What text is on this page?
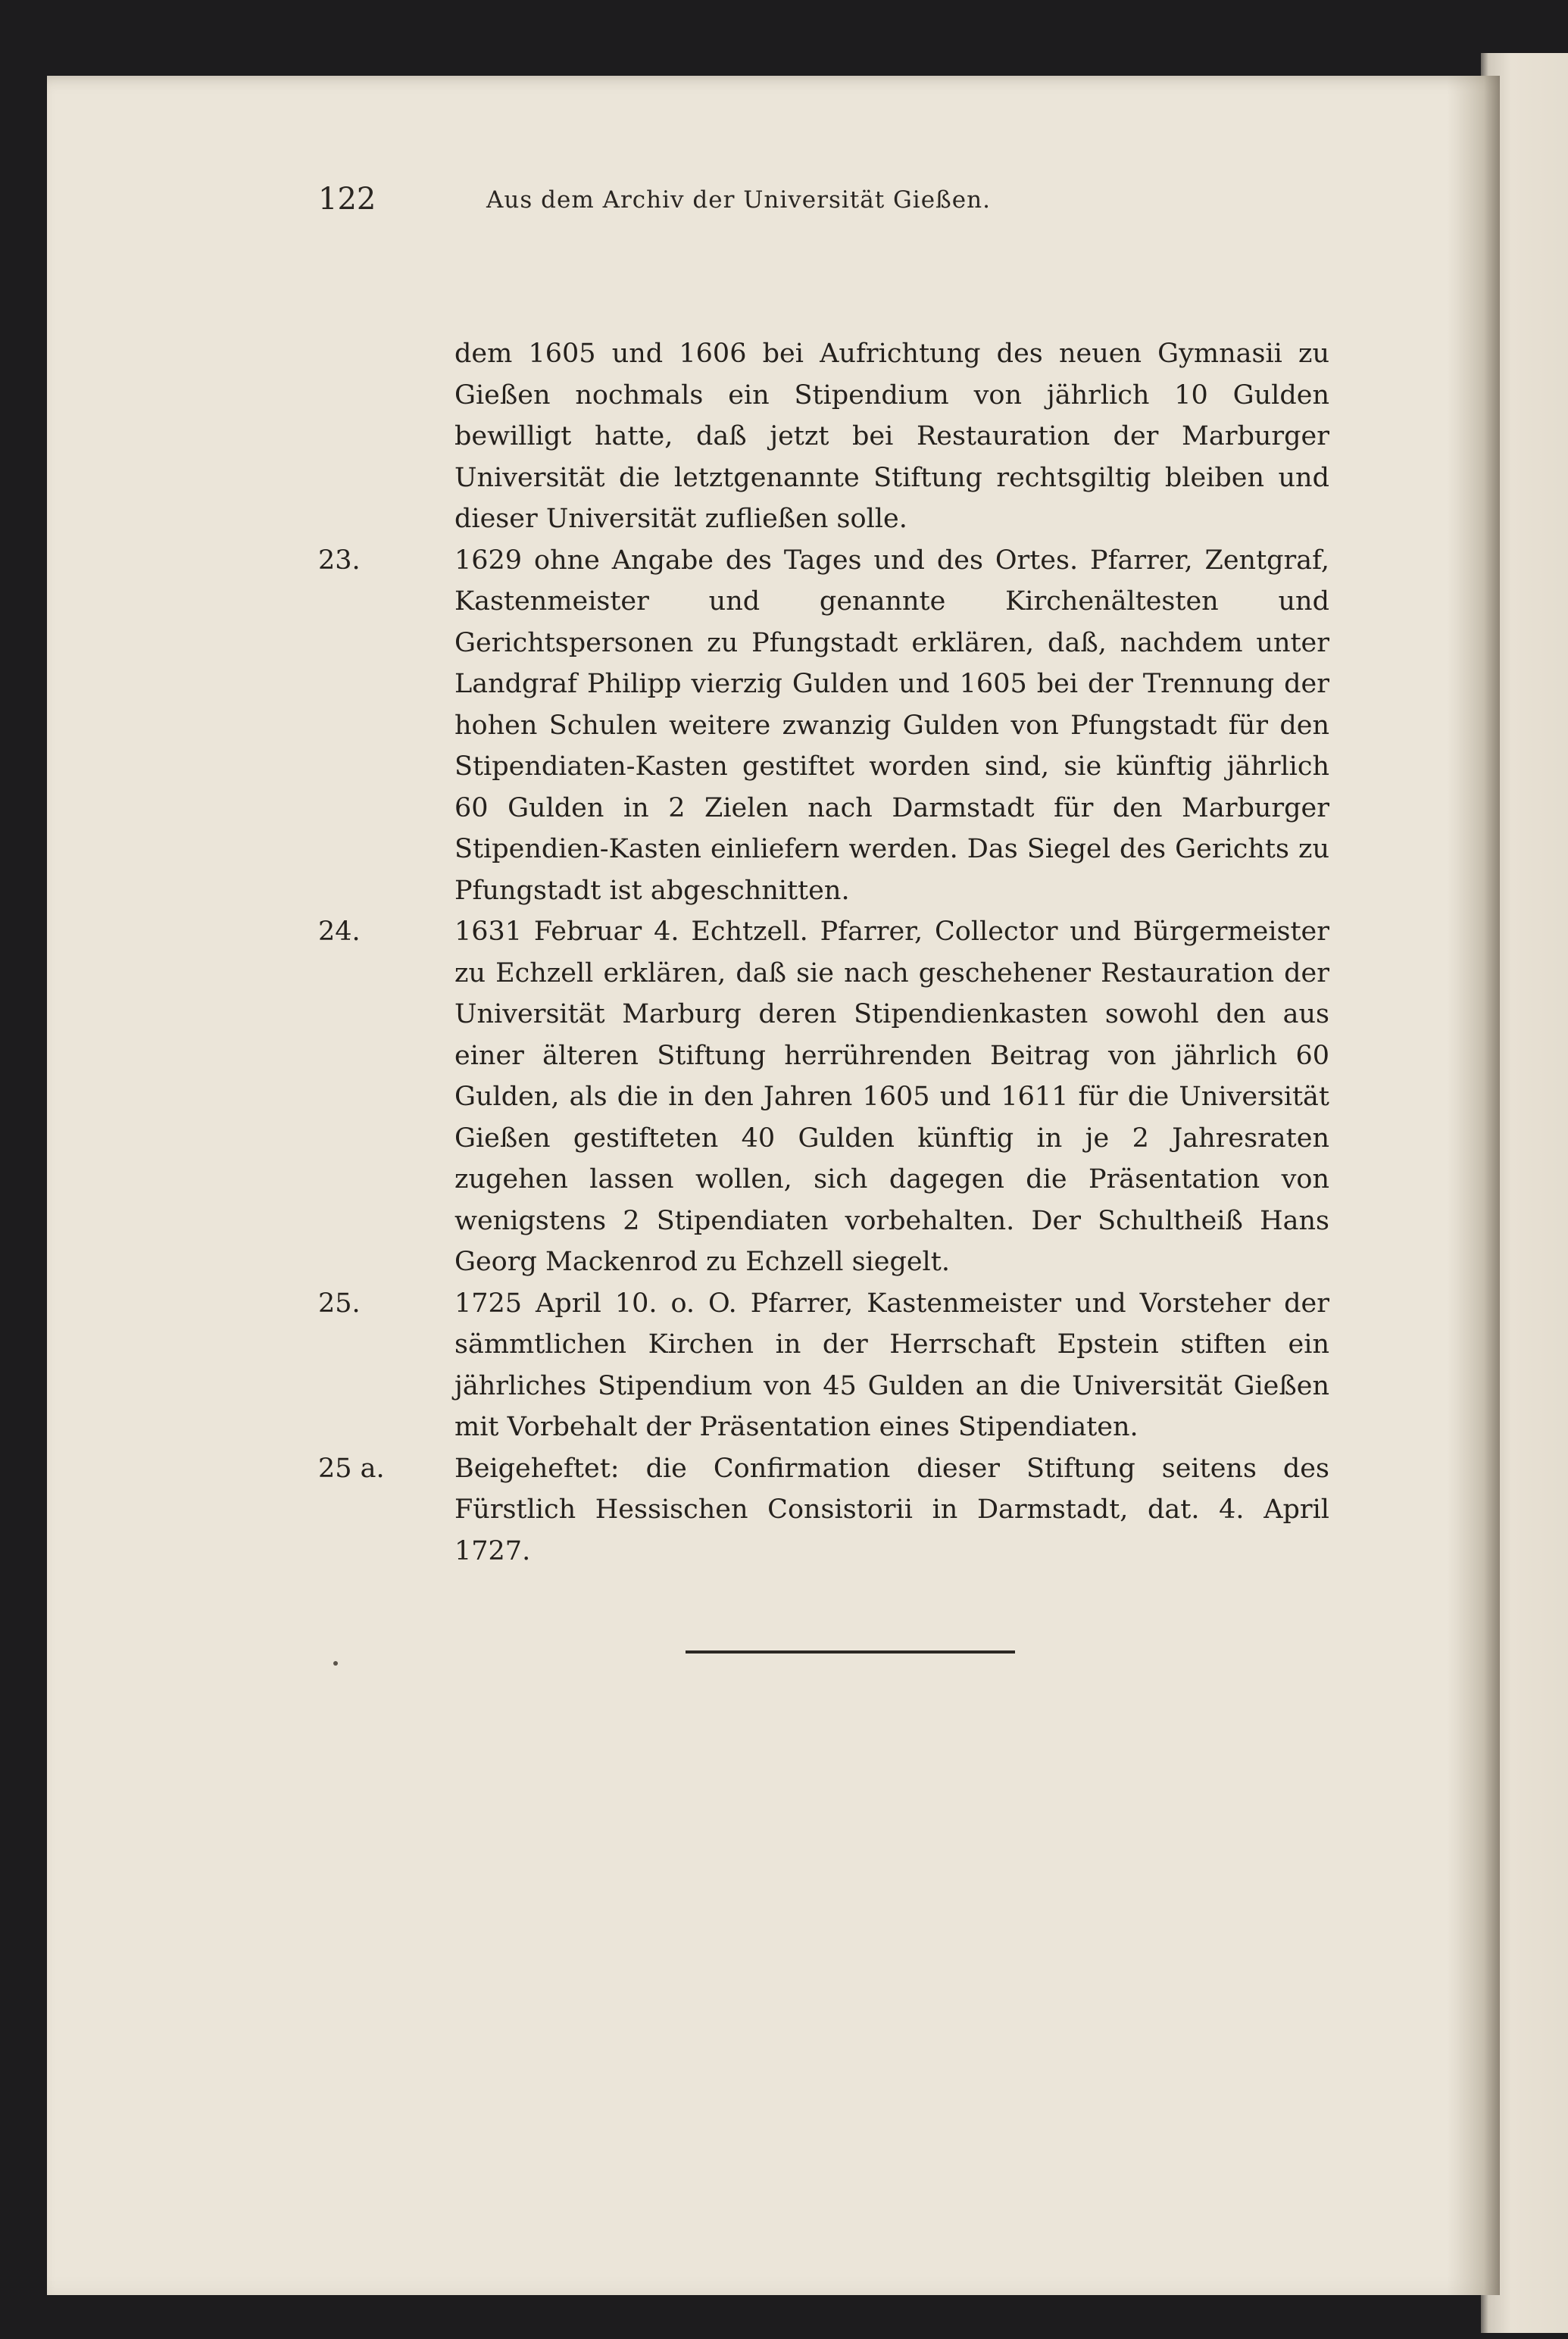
122	Aus dem Archiv der Universität Gießen.
dem 1605 und 1606 bei Aufrichtung des neuen Gymnasii zu Gießen nochmals ein Stipendium von jährlich 10 Gulden bewilligt hatte, daß jetzt bei Restauration der Marburger Universität die letztgenannte Stiftung rechtsgiltig bleiben und dieser Universität zufließen solle.
23.	1629 ohne Angabe des Tages und des Ortes. Pfarrer, Zentgraf, Kastenmeister und genannte Kirchenältesten und Gerichtspersonen zu Pfungstadt erklären, daß, nachdem unter Landgraf Philipp vierzig Gulden und 1605 bei der Trennung der hohen Schulen weitere zwanzig Gulden von Pfungstadt für den Stipendiaten-Kasten gestiftet worden sind, sie künftig jährlich 60 Gulden in 2 Zielen nach Darmstadt für den Marburger Stipendien-Kasten einliefern werden. Das Siegel des Gerichts zu Pfungstadt ist abgeschnitten.
24.	1631 Februar 4. Echtzell. Pfarrer, Collector und Bürgermeister zu Echzell erklären, daß sie nach geschehener Restauration der Universität Marburg deren Stipendienkasten sowohl den aus einer älteren Stiftung herrührenden Beitrag von jährlich 60 Gulden, als die in den Jahren 1605 und 1611 für die Universität Gießen gestifteten 40 Gulden künftig in je 2 Jahresraten zugehen lassen wollen, sich dagegen die Präsentation von wenigstens 2 Stipendiaten vorbehalten. Der Schultheiß Hans Georg Mackenrod zu Echzell siegelt.
25.	1725 April 10. o. O. Pfarrer, Kastenmeister und Vorsteher der sämmtlichen Kirchen in der Herrschaft Epstein stiften ein jährliches Stipendium von 45 Gulden an die Universität Gießen mit Vorbehalt der Präsentation eines Stipendiaten.
25 a.	Beigeheftet: die Confirmation dieser Stiftung seitens des Fürstlich Hessischen Consistorii in Darmstadt, dat. 4. April 1727.
